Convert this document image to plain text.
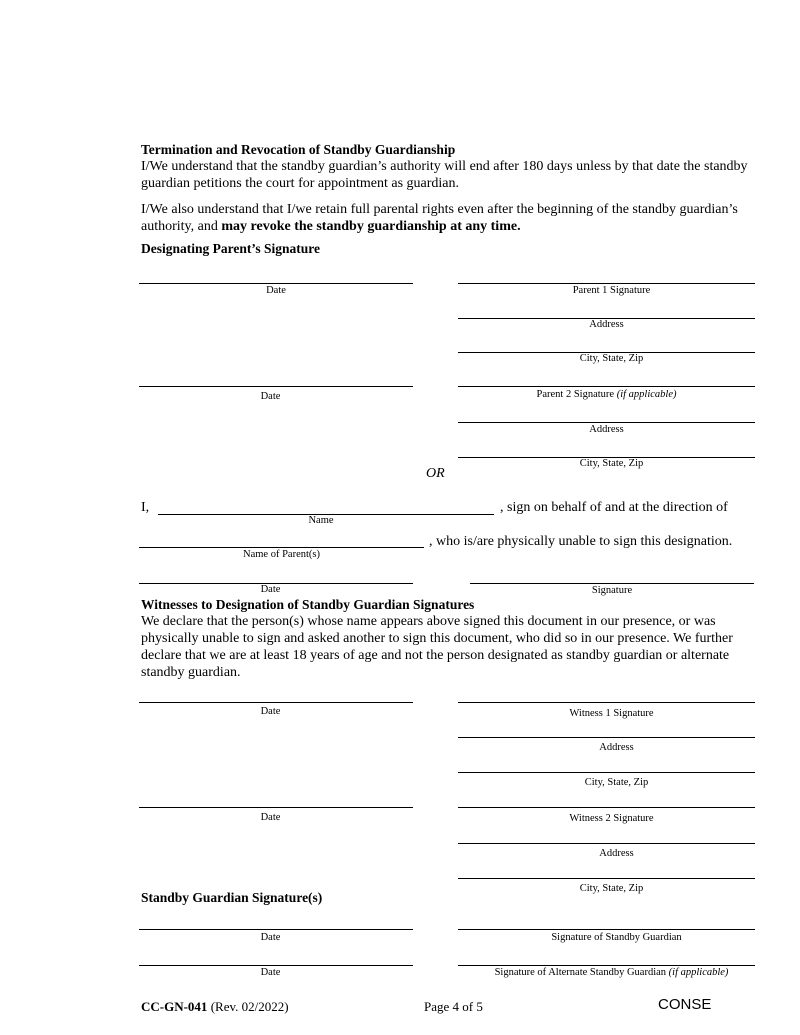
Termination and Revocation of Standby Guardianship
I/We understand that the standby guardian’s authority will end after 180 days unless by that date the standby guardian petitions the court for appointment as guardian.
I/We also understand that I/we retain full parental rights even after the beginning of the standby guardian’s authority, and may revoke the standby guardianship at any time.
Designating Parent’s Signature
Date	Parent 1 Signature
Address
City, State, Zip
Date	Parent 2 Signature (if applicable)
Address
City, State, Zip
OR
I,	, sign on behalf of and at the direction of
Name
, who is/are physically unable to sign this designation.
Name of Parent(s)
Date	Signature
Witnesses to Designation of Standby Guardian Signatures
We declare that the person(s) whose name appears above signed this document in our presence, or was physically unable to sign and asked another to sign this document, who did so in our presence. We further declare that we are at least 18 years of age and not the person designated as standby guardian or alternate standby guardian.
Date	Witness 1 Signature
Address
City, State, Zip
Date	Witness 2 Signature
Address
City, State, Zip
Standby Guardian Signature(s)
Date	Signature of Standby Guardian
Date	Signature of Alternate Standby Guardian (if applicable)
CC-GN-041 (Rev. 02/2022)	Page 4 of 5	CONSE
